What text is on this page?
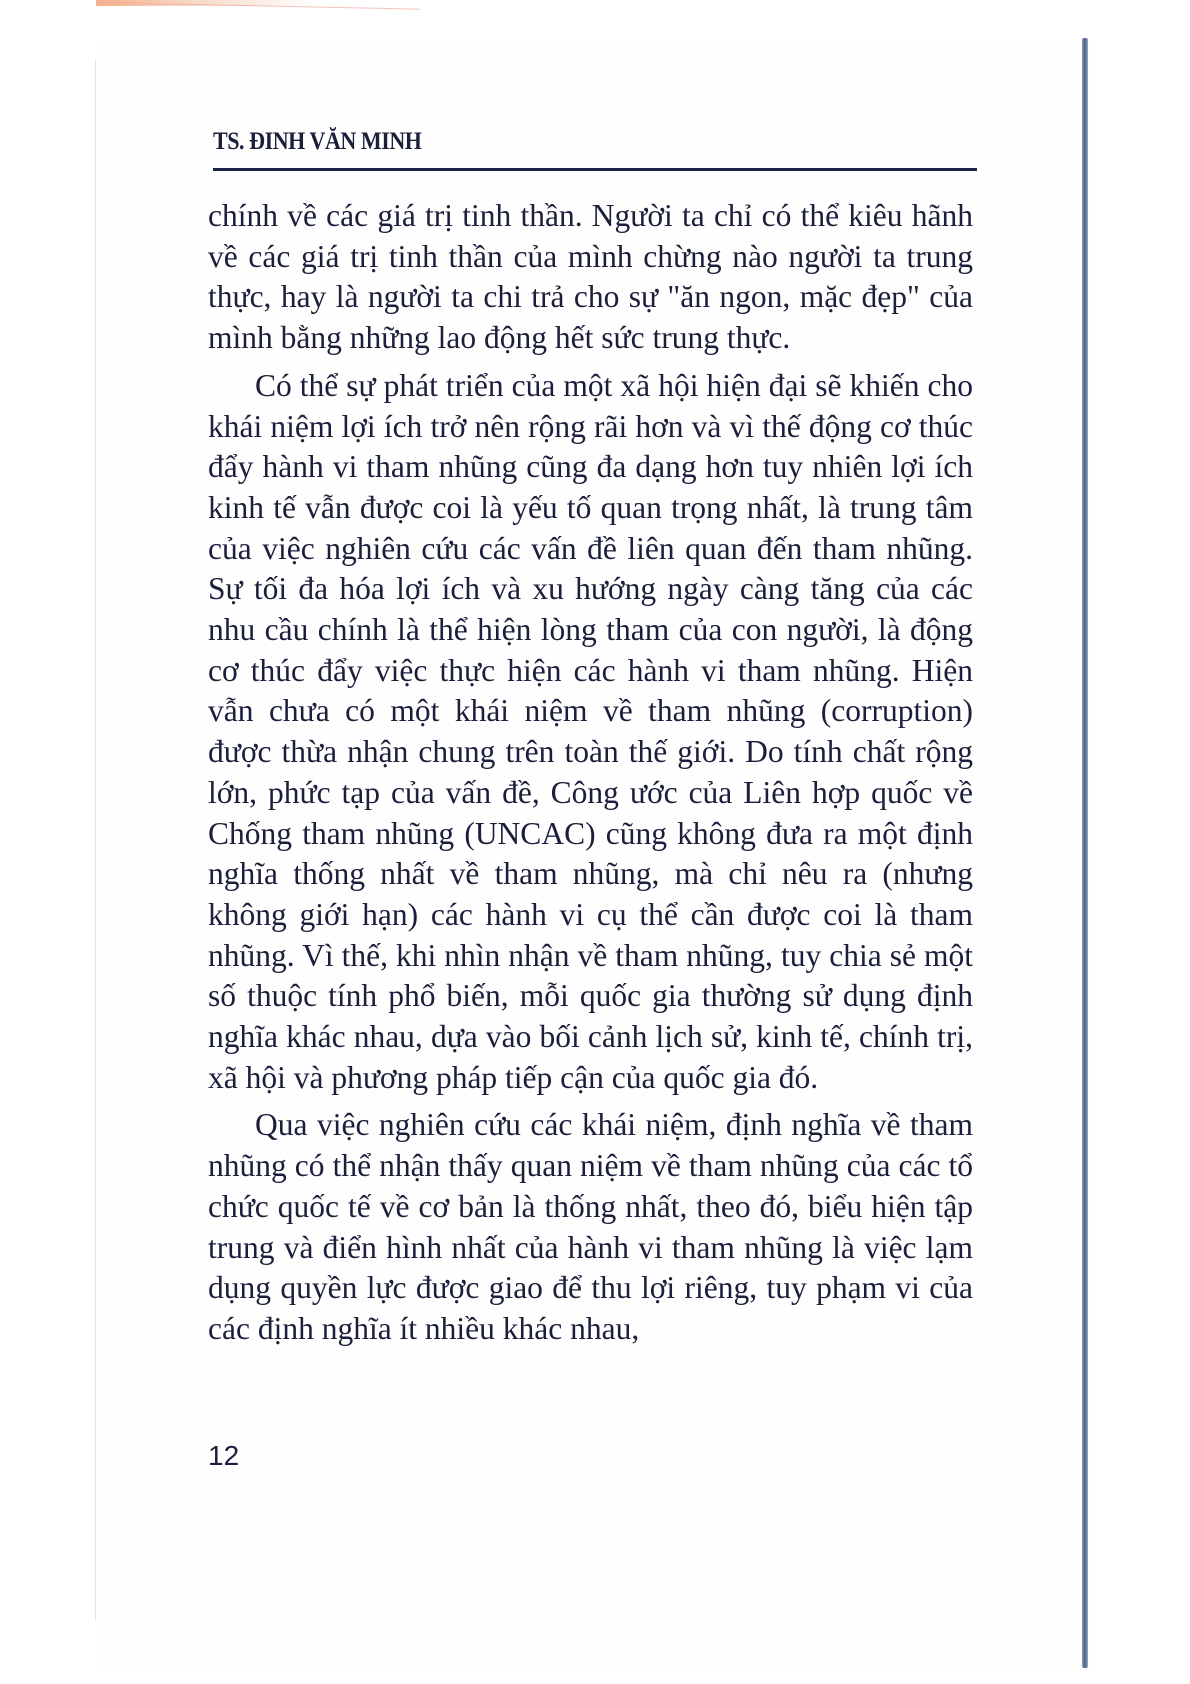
TS. ĐINH VĂN MINH

chính về các giá trị tinh thần. Người ta chỉ có thể kiêu hãnh về các giá trị tinh thần của mình chừng nào người ta trung thực, hay là người ta chi trả cho sự "ăn ngon, mặc đẹp" của mình bằng những lao động hết sức trung thực.

Có thể sự phát triển của một xã hội hiện đại sẽ khiến cho khái niệm lợi ích trở nên rộng rãi hơn và vì thế động cơ thúc đẩy hành vi tham nhũng cũng đa dạng hơn tuy nhiên lợi ích kinh tế vẫn được coi là yếu tố quan trọng nhất, là trung tâm của việc nghiên cứu các vấn đề liên quan đến tham nhũng. Sự tối đa hóa lợi ích và xu hướng ngày càng tăng của các nhu cầu chính là thể hiện lòng tham của con người, là động cơ thúc đẩy việc thực hiện các hành vi tham nhũng. Hiện vẫn chưa có một khái niệm về tham nhũng (corruption) được thừa nhận chung trên toàn thế giới. Do tính chất rộng lớn, phức tạp của vấn đề, Công ước của Liên hợp quốc về Chống tham nhũng (UNCAC) cũng không đưa ra một định nghĩa thống nhất về tham nhũng, mà chỉ nêu ra (nhưng không giới hạn) các hành vi cụ thể cần được coi là tham nhũng. Vì thế, khi nhìn nhận về tham nhũng, tuy chia sẻ một số thuộc tính phổ biến, mỗi quốc gia thường sử dụng định nghĩa khác nhau, dựa vào bối cảnh lịch sử, kinh tế, chính trị, xã hội và phương pháp tiếp cận của quốc gia đó.

Qua việc nghiên cứu các khái niệm, định nghĩa về tham nhũng có thể nhận thấy quan niệm về tham nhũng của các tổ chức quốc tế về cơ bản là thống nhất, theo đó, biểu hiện tập trung và điển hình nhất của hành vi tham nhũng là việc lạm dụng quyền lực được giao để thu lợi riêng, tuy phạm vi của các định nghĩa ít nhiều khác nhau,

12
